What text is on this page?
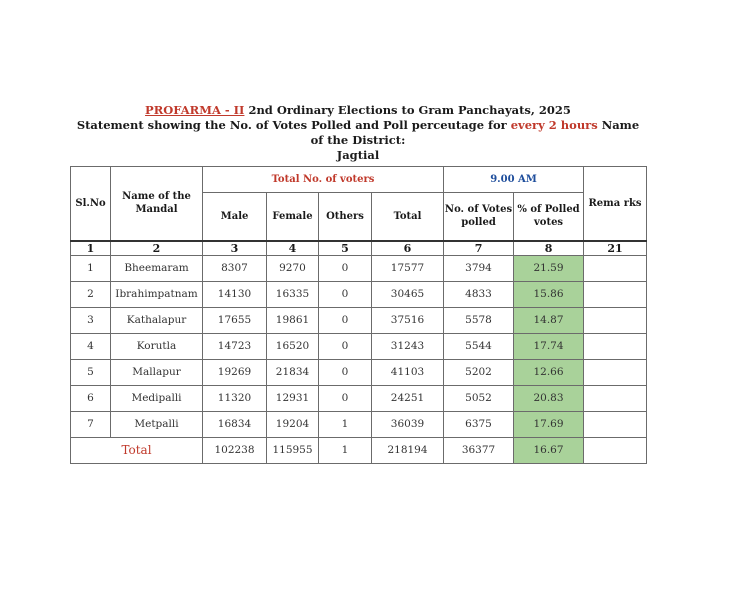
PROFARMA - II 2nd Ordinary Elections to Gram Panchayats, 2025
Statement showing the No. of Votes Polled and Poll perceutage for every 2 hours Name of the District:
Jagtial
Sl.No	Name of the Mandal	Total No. of voters				9.00 AM		Rema rks
		Male	Female	Others	Total	No. of Votes polled	% of Polled votes	
1	2	3	4	5	6	7	8	21
1	Bheemaram	8307	9270	0	17577	3794	21.59	
2	Ibrahimpatnam	14130	16335	0	30465	4833	15.86	
3	Kathalapur	17655	19861	0	37516	5578	14.87	
4	Korutla	14723	16520	0	31243	5544	17.74	
5	Mallapur	19269	21834	0	41103	5202	12.66	
6	Medipalli	11320	12931	0	24251	5052	20.83	
7	Metpalli	16834	19204	1	36039	6375	17.69	
Total		102238	115955	1	218194	36377	16.67	
